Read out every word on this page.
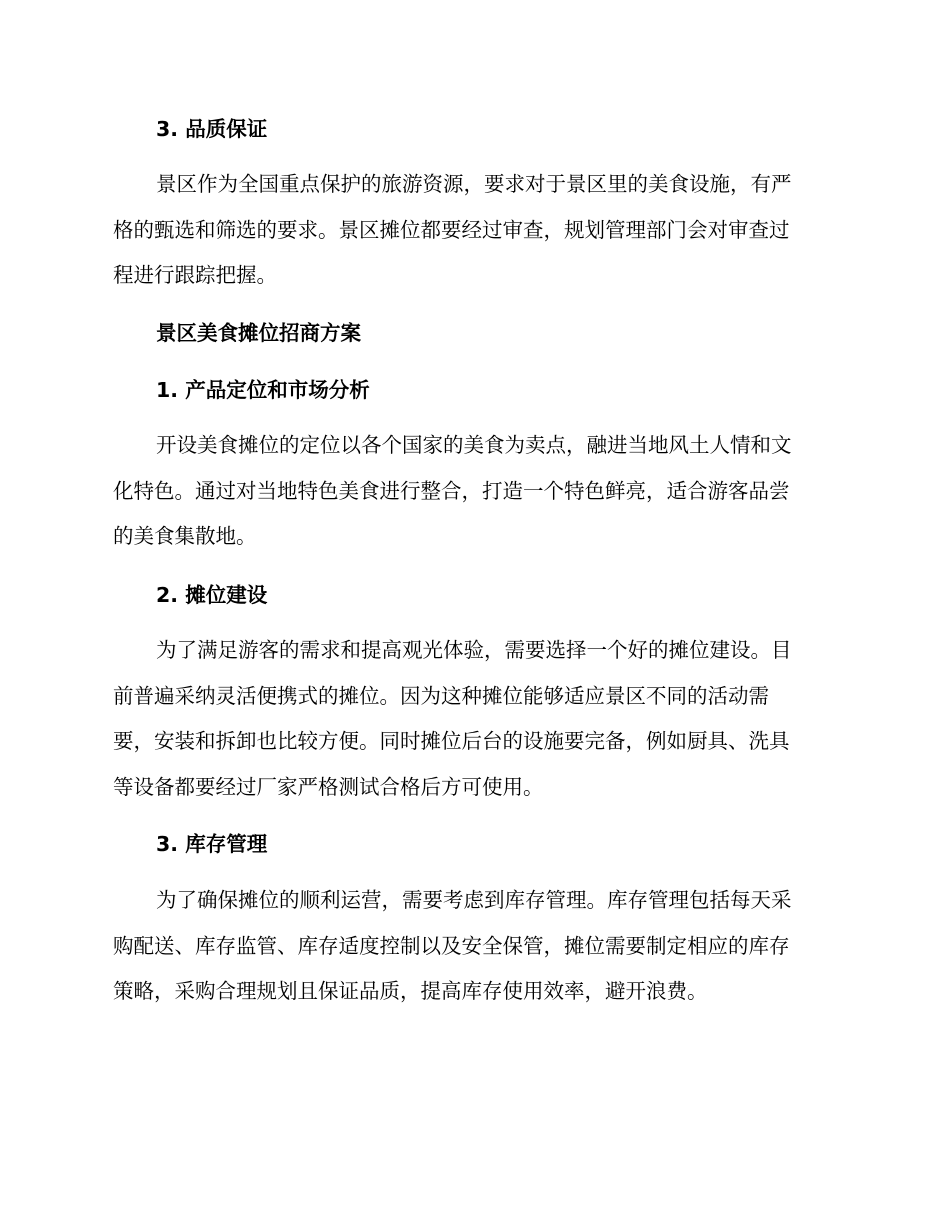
3. 品质保证

景区作为全国重点保护的旅游资源，要求对于景区里的美食设施，有严
格的甄选和筛选的要求。景区摊位都要经过审查，规划管理部门会对审查过
程进行跟踪把握。

景区美食摊位招商方案
1. 产品定位和市场分析

开设美食摊位的定位以各个国家的美食为卖点，融进当地风土人情和文
化特色。通过对当地特色美食进行整合，打造一个特色鲜亮，适合游客品尝
的美食集散地。

2. 摊位建设

为了满足游客的需求和提高观光体验，需要选择一个好的摊位建设。目
前普遍采纳灵活便携式的摊位。因为这种摊位能够适应景区不同的活动需
要，安装和拆卸也比较方便。同时摊位后台的设施要完备，例如厨具、洗具
等设备都要经过厂家严格测试合格后方可使用。

3. 库存管理

为了确保摊位的顺利运营，需要考虑到库存管理。库存管理包括每天采
购配送、库存监管、库存适度控制以及安全保管，摊位需要制定相应的库存
策略，采购合理规划且保证品质，提高库存使用效率，避开浪费。
